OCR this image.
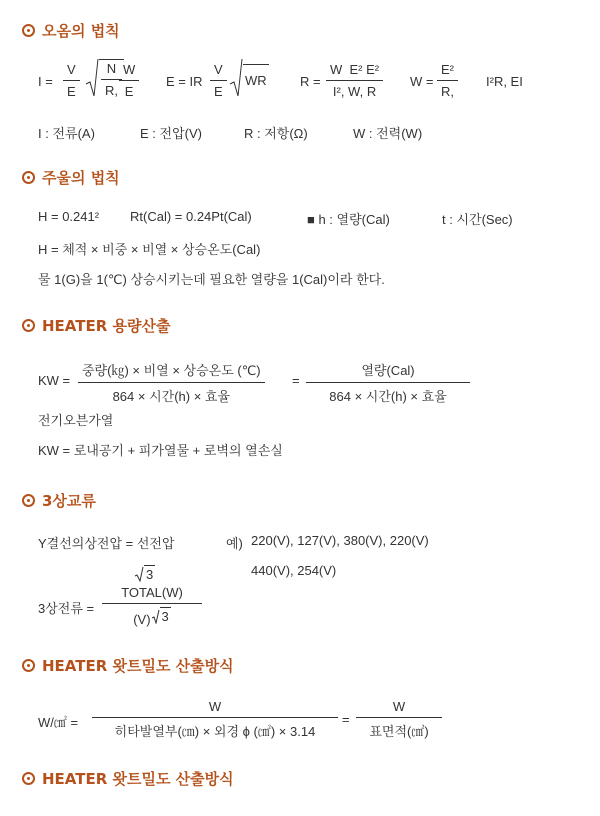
오옴의 법칙
I =
V
E	$\frac{N}{R,}$ W
E
E = IR
V
E
WR	R =
W E² E²
I², W, R
W =
E²
R,
I²R, EI
I : 전류(A)	E : 전압(V)	R : 저항(Ω)	W : 전력(W)
주울의 법칙
H = 0.241² Rt(Cal) = 0.24Pt(Cal)	■ h : 열량(Cal)	t : 시간(Sec)
H = 체적 × 비중 × 비열 × 상승온도(Cal)
물 1(G)을 1(℃) 상승시키는데 필요한 열량을 1(Cal)이라 한다.
HEATER 용량산출
KW =
중량(㎏) × 비열 × 상승온도 (℃)
864 × 시간(h) × 효율
=
열량(Cal)
864 × 시간(h) × 효율
전기오븐가열
KW = 로내공기 + 피가열물 + 로벽의 열손실
3상교류
Y결선의상전압 = 선전압	예) 220(V), 127(V), 380(V), 220(V)
440(V), 254(V)
3
3상전류 =
TOTAL(W)
(V) 3
HEATER 왓트밀도 산출방식
W/㎠ =
W
히타발열부(㎝) × 외경 ϕ (㎠) × 3.14
=
W
표면적(㎠)
HEATER 왓트밀도 산출방식
